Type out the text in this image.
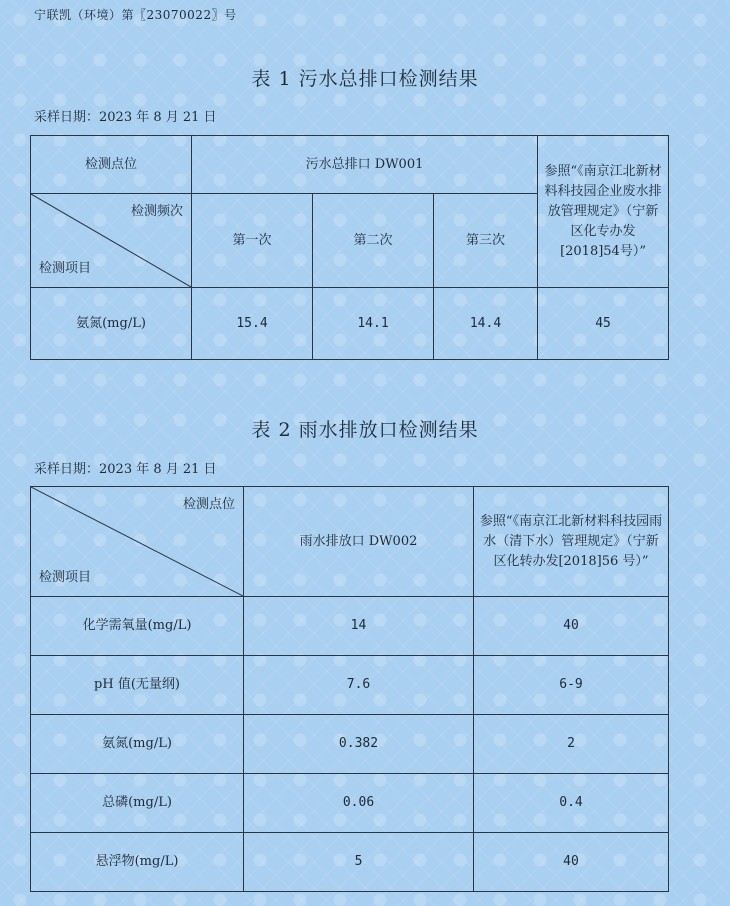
宁联凯（环境）第〖23070022〗号
表 1 污水总排口检测结果
采样日期：2023 年 8 月 21 日
检测点位	污水总排口 DW001			参照“《南京江北新材料科技园企业废水排放管理规定》（宁新区化专办发[2018]54号）”

检测频次
检测项目	第一次	第二次	第三次	
氨氮(mg/L)	15.4	14.1	14.4	45
表 2 雨水排放口检测结果
采样日期：2023 年 8 月 21 日
检测点位
检测项目	雨水排放口 DW002	参照“《南京江北新材料科技园雨水（清下水）管理规定》（宁新区化转办发[2018]56 号）”
化学需氧量(mg/L)	14	40
pH 值(无量纲)	7.6	6-9
氨氮(mg/L)	0.382	2
总磷(mg/L)	0.06	0.4
悬浮物(mg/L)	5	40
